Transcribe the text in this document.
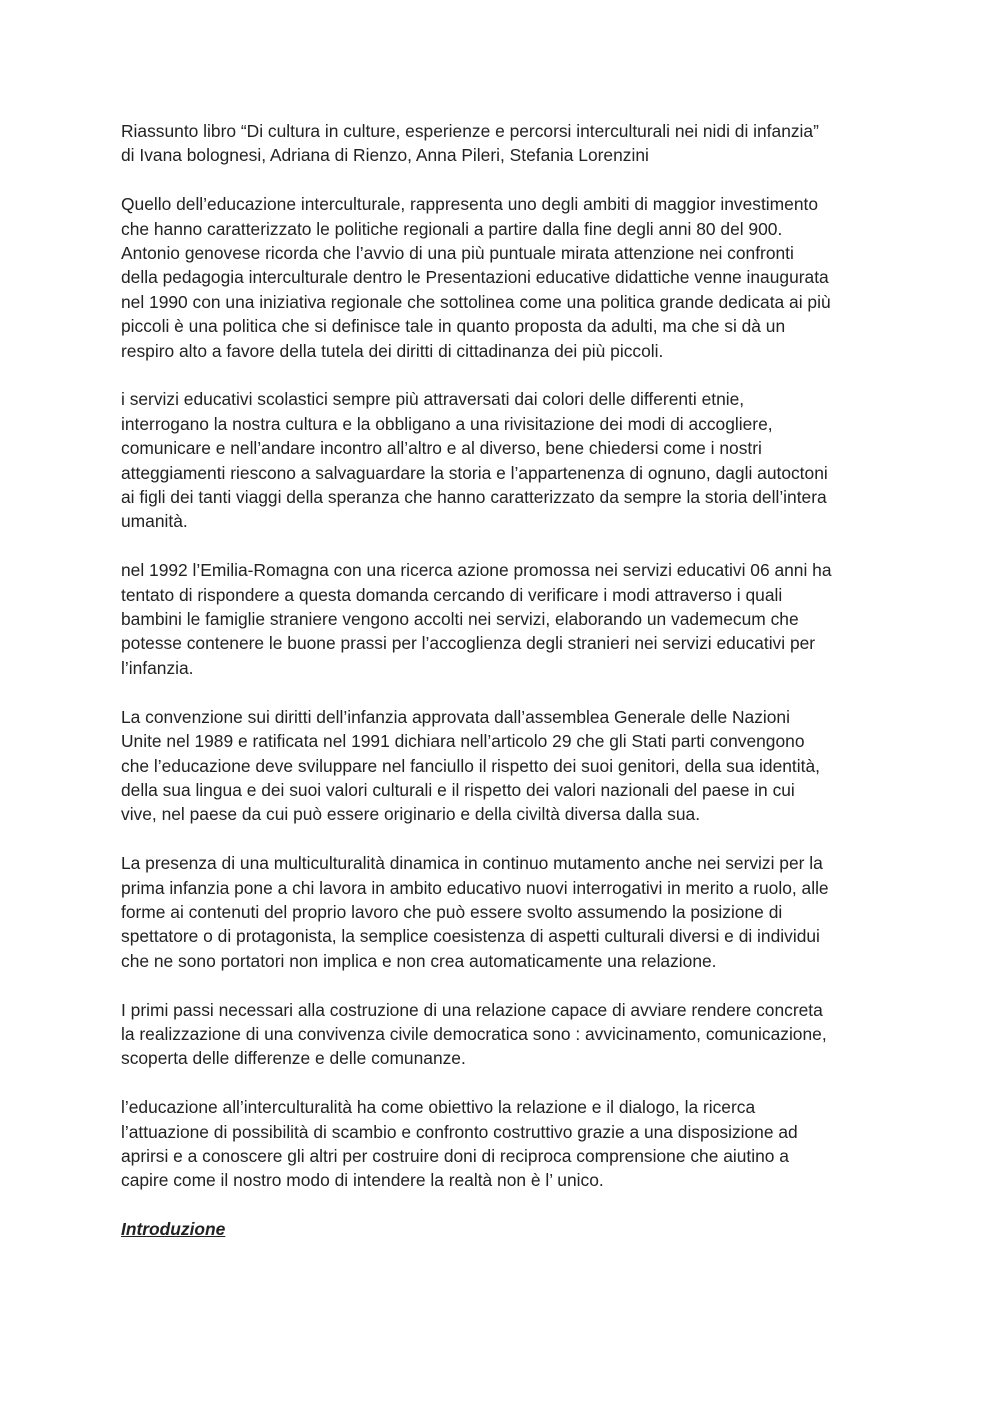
Riassunto libro “Di cultura in culture, esperienze e percorsi interculturali nei nidi di infanzia”
di Ivana bolognesi, Adriana di Rienzo, Anna Pileri, Stefania Lorenzini
Quello dell’educazione interculturale, rappresenta uno degli ambiti di maggior investimento
che hanno caratterizzato le politiche regionali a partire dalla fine degli anni 80 del 900.
Antonio genovese ricorda che l’avvio di una più puntuale mirata attenzione nei confronti
della pedagogia interculturale dentro le Presentazioni educative didattiche venne inaugurata
nel 1990 con una iniziativa regionale che sottolinea come una politica grande dedicata ai più
piccoli è una politica che si definisce tale in quanto proposta da adulti, ma che si dà un
respiro alto a favore della tutela dei diritti di cittadinanza dei più piccoli.
i servizi educativi scolastici sempre più attraversati dai colori delle differenti etnie,
interrogano la nostra cultura e la obbligano a una rivisitazione dei modi di accogliere,
comunicare e nell’andare incontro all’altro e al diverso, bene chiedersi come i nostri
atteggiamenti riescono a salvaguardare la storia e l’appartenenza di ognuno, dagli autoctoni
ai figli dei tanti viaggi della speranza che hanno caratterizzato da sempre la storia dell’intera
umanità.
nel 1992 l’Emilia-Romagna con una ricerca azione promossa nei servizi educativi 06 anni ha
tentato di rispondere a questa domanda cercando di verificare i modi attraverso i quali
bambini le famiglie straniere vengono accolti nei servizi, elaborando un vademecum che
potesse contenere le buone prassi per l’accoglienza degli stranieri nei servizi educativi per
l’infanzia.
La convenzione sui diritti dell’infanzia approvata dall’assemblea Generale delle Nazioni
Unite nel 1989 e ratificata nel 1991 dichiara nell’articolo 29 che gli Stati parti convengono
che l’educazione deve sviluppare nel fanciullo il rispetto dei suoi genitori, della sua identità,
della sua lingua e dei suoi valori culturali e il rispetto dei valori nazionali del paese in cui
vive, nel paese da cui può essere originario e della civiltà diversa dalla sua.
La presenza di una multiculturalità dinamica in continuo mutamento anche nei servizi per la
prima infanzia pone a chi lavora in ambito educativo nuovi interrogativi in merito a ruolo, alle
forme ai contenuti del proprio lavoro che può essere svolto assumendo la posizione di
spettatore o di protagonista, la semplice coesistenza di aspetti culturali diversi e di individui
che ne sono portatori non implica e non crea automaticamente una relazione.
I primi passi necessari alla costruzione di una relazione capace di avviare rendere concreta
la realizzazione di una convivenza civile democratica sono : avvicinamento, comunicazione,
scoperta delle differenze e delle comunanze.
l’educazione all’interculturalità ha come obiettivo la relazione e il dialogo, la ricerca
l’attuazione di possibilità di scambio e confronto costruttivo grazie a una disposizione ad
aprirsi e a conoscere gli altri per costruire doni di reciproca comprensione che aiutino a
capire come il nostro modo di intendere la realtà non è l’ unico.
Introduzione
